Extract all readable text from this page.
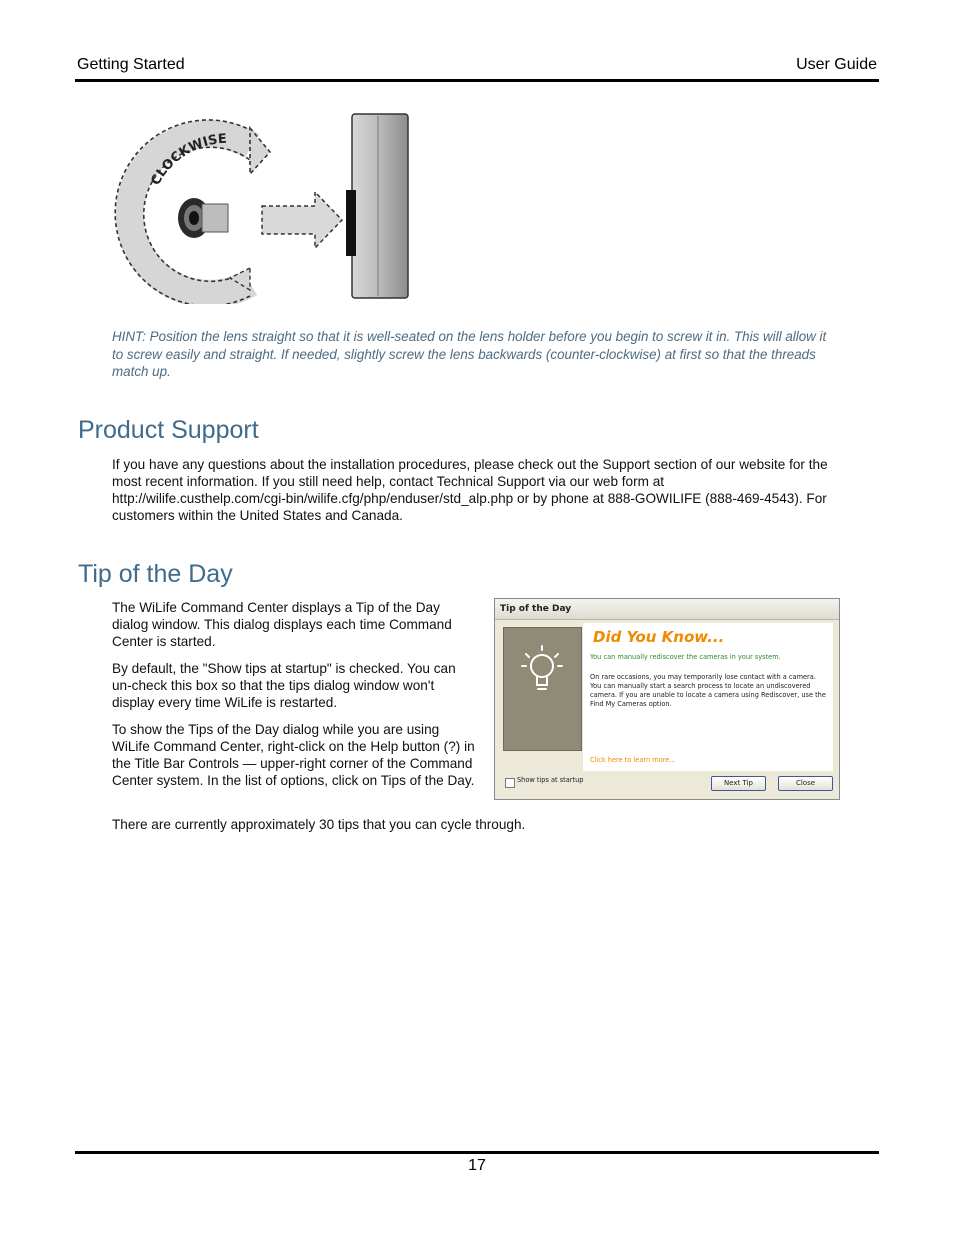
Getting Started	User Guide
CLOCKWISE
HINT: Position the lens straight so that it is well-seated on the lens holder before you begin to screw it in. This will allow it to screw easily and straight. If needed, slightly screw the lens backwards (counter-clockwise) at first so that the threads match up.
Product Support

If you have any questions about the installation procedures, please check out the Support section of our website for the most recent information. If you still need help, contact Technical Support via our web form at http://wilife.custhelp.com/cgi-bin/wilife.cfg/php/enduser/std_alp.php or by phone at 888-GOWILIFE (888-469-4543). For customers within the United States and Canada.

Tip of the Day

The WiLife Command Center displays a Tip of the Day dialog window. This dialog displays each time Command Center is started.

By default, the "Show tips at startup" is checked. You can un-check this box so that the tips dialog window won't display every time WiLife is restarted.

To show the Tips of the Day dialog while you are using WiLife Command Center, right-click on the Help button (?) in the Title Bar Controls — upper-right corner of the Command Center system. In the list of options, click on Tips of the Day.

There are currently approximately 30 tips that you can cycle through.

Tip of the Day
Did You Know...
You can manually rediscover the cameras in your system.
On rare occasions, you may temporarily lose contact with a camera. You can manually start a search process to locate an undiscovered camera. If you are unable to locate a camera using Rediscover, use the Find My Cameras option.
Click here to learn more...
Show tips at startup	Next Tip	Close
17
